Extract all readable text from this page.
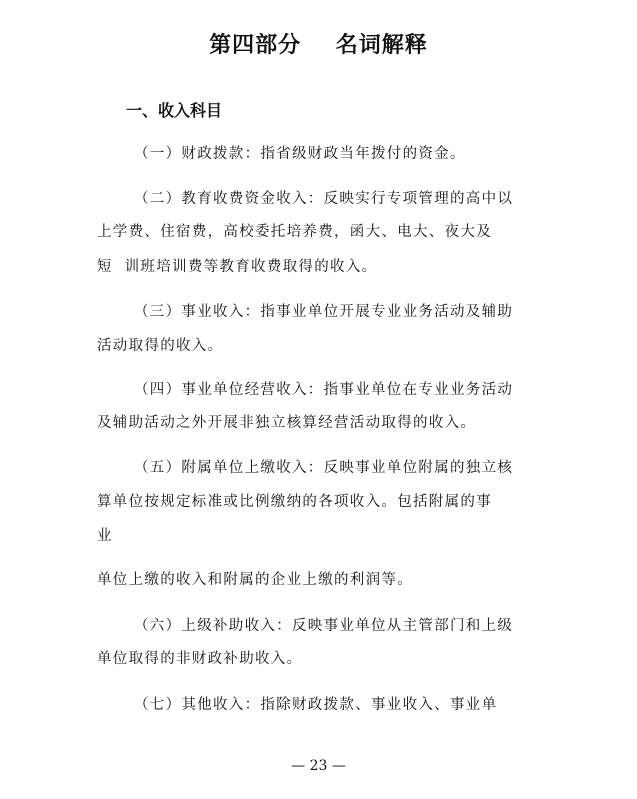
第四部分    名词解释
一、收入科目
（一）财政拨款：指省级财政当年拨付的资金。
（二）教育收费资金收入：反映实行专项管理的高中以
上学费、住宿费，高校委托培养费，函大、电大、夜大及
短  训班培训费等教育收费取得的收入。
（三）事业收入：指事业单位开展专业业务活动及辅助
活动取得的收入。
（四）事业单位经营收入：指事业单位在专业业务活动
及辅助活动之外开展非独立核算经营活动取得的收入。
（五）附属单位上缴收入：反映事业单位附属的独立核
算单位按规定标准或比例缴纳的各项收入。包括附属的事
业
单位上缴的收入和附属的企业上缴的利润等。
（六）上级补助收入：反映事业单位从主管部门和上级
单位取得的非财政补助收入。
（七）其他收入：指除财政拨款、事业收入、事业单
— 23 —
